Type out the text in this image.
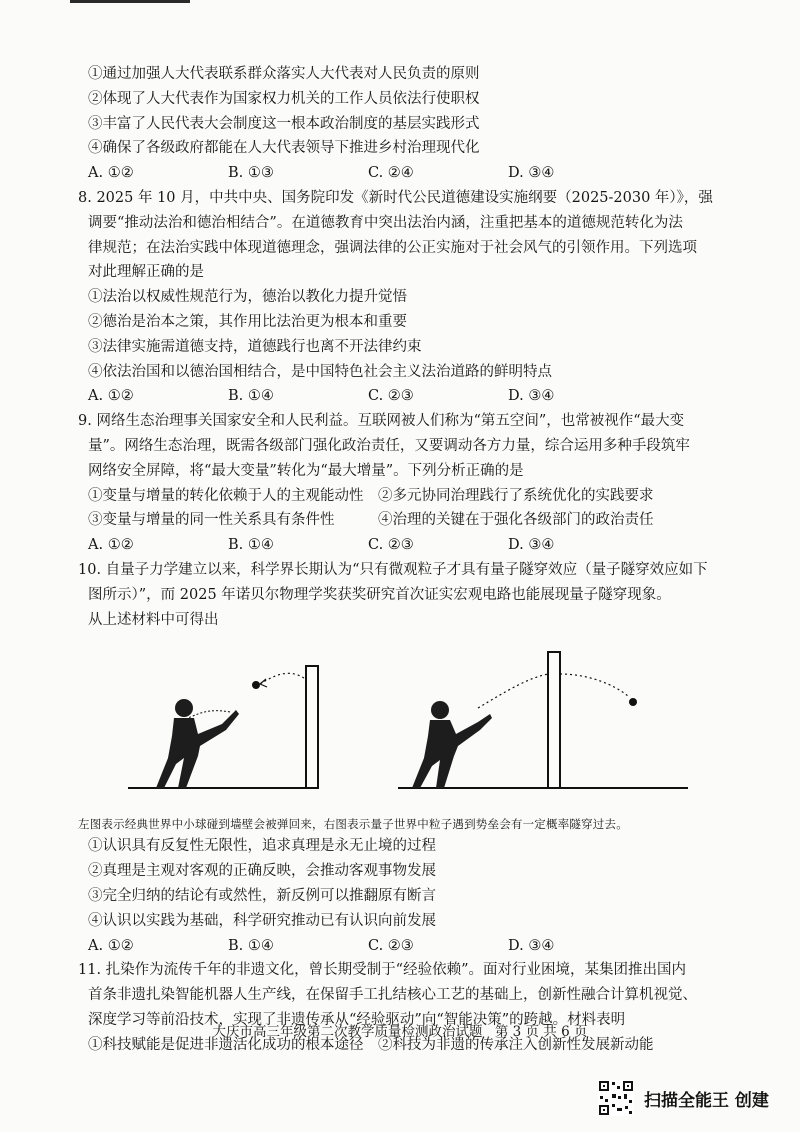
①通过加强人大代表联系群众落实人大代表对人民负责的原则
②体现了人大代表作为国家权力机关的工作人员依法行使职权
③丰富了人民代表大会制度这一根本政治制度的基层实践形式
④确保了各级政府都能在人大代表领导下推进乡村治理现代化
A. ①②	B. ①③	C. ②④	D. ③④
8. 2025 年 10 月，中共中央、国务院印发《新时代公民道德建设实施纲要（2025-2030 年）》，强
调要“推动法治和德治相结合”。在道德教育中突出法治内涵，注重把基本的道德规范转化为法
律规范；在法治实践中体现道德理念，强调法律的公正实施对于社会风气的引领作用。下列选项
对此理解正确的是
①法治以权威性规范行为，德治以教化力提升觉悟
②德治是治本之策，其作用比法治更为根本和重要
③法律实施需道德支持，道德践行也离不开法律约束
④依法治国和以德治国相结合，是中国特色社会主义法治道路的鲜明特点
A. ①②	B. ①④	C. ②③	D. ③④
9. 网络生态治理事关国家安全和人民利益。互联网被人们称为“第五空间”，也常被视作“最大变
量”。网络生态治理，既需各级部门强化政治责任，又要调动各方力量，综合运用多种手段筑牢
网络安全屏障，将“最大变量”转化为“最大增量”。下列分析正确的是
①变量与增量的转化依赖于人的主观能动性	②多元协同治理践行了系统优化的实践要求
③变量与增量的同一性关系具有条件性	④治理的关键在于强化各级部门的政治责任
A. ①②	B. ①④	C. ②③	D. ③④
10. 自量子力学建立以来，科学界长期认为“只有微观粒子才具有量子隧穿效应（量子隧穿效应如下
图所示）”，而 2025 年诺贝尔物理学奖获奖研究首次证实宏观电路也能展现量子隧穿现象。
从上述材料中可得出
左图表示经典世界中小球碰到墙壁会被弹回来，右图表示量子世界中粒子遇到势垒会有一定概率隧穿过去。
①认识具有反复性无限性，追求真理是永无止境的过程
②真理是主观对客观的正确反映，会推动客观事物发展
③完全归纳的结论有或然性，新反例可以推翻原有断言
④认识以实践为基础，科学研究推动已有认识向前发展
A. ①②	B. ①④	C. ②③	D. ③④
11. 扎染作为流传千年的非遗文化，曾长期受制于“经验依赖”。面对行业困境，某集团推出国内
首条非遗扎染智能机器人生产线，在保留手工扎结核心工艺的基础上，创新性融合计算机视觉、
深度学习等前沿技术，实现了非遗传承从“经验驱动”向“智能决策”的跨越。材料表明
①科技赋能是促进非遗活化成功的根本途径	②科技为非遗的传承注入创新性发展新动能
大庆市高三年级第二次教学质量检测政治试题 第 3 页 共 6 页
扫描全能王 创建
